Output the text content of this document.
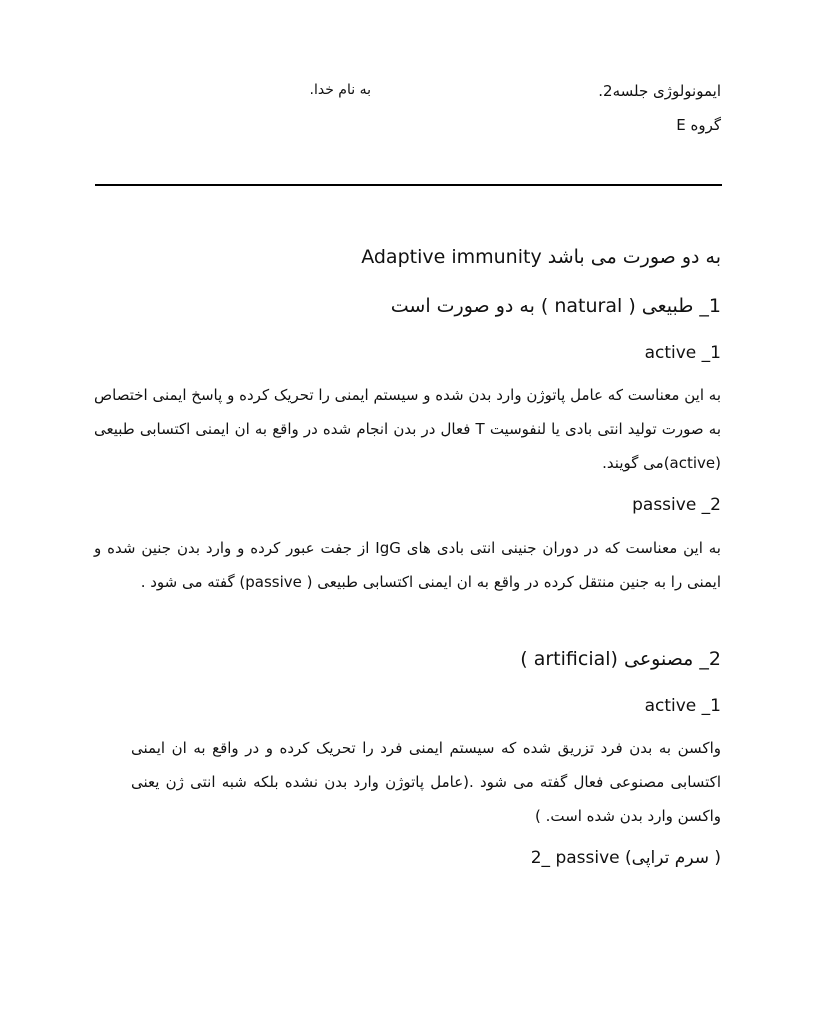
ایمونولوژی جلسه2.
به نام خدا.
گروه E
Adaptive immunity به دو صورت می باشد
1_ طبیعی ( natural ) به دو صورت است
active _1
به این معناست که عامل پاتوژن وارد بدن شده و سیستم ایمنی را تحریک کرده و پاسخ ایمنی اختصاص به صورت تولید انتی بادی یا لنفوسیت T فعال در بدن انجام شده در واقع به ان ایمنی اکتسابی طبیعی (active)می گویند.
passive _2
به این معناست که در دوران جنینی انتی بادی های IgG از جفت عبور کرده و وارد بدن جنین شده و ایمنی را به جنین منتقل کرده در واقع به ان ایمنی اکتسابی طبیعی ( passive) گفته می شود .
2_ مصنوعی (artificial )
active _1
واکسن به بدن فرد تزریق شده که سیستم ایمنی فرد را تحریک کرده و در واقع به ان ایمنی اکتسابی مصنوعی فعال گفته می شود .(عامل پاتوژن وارد بدن نشده بلکه شبه انتی ژن یعنی واکسن وارد بدن شده است. )
2_ passive (سرم تراپی )
